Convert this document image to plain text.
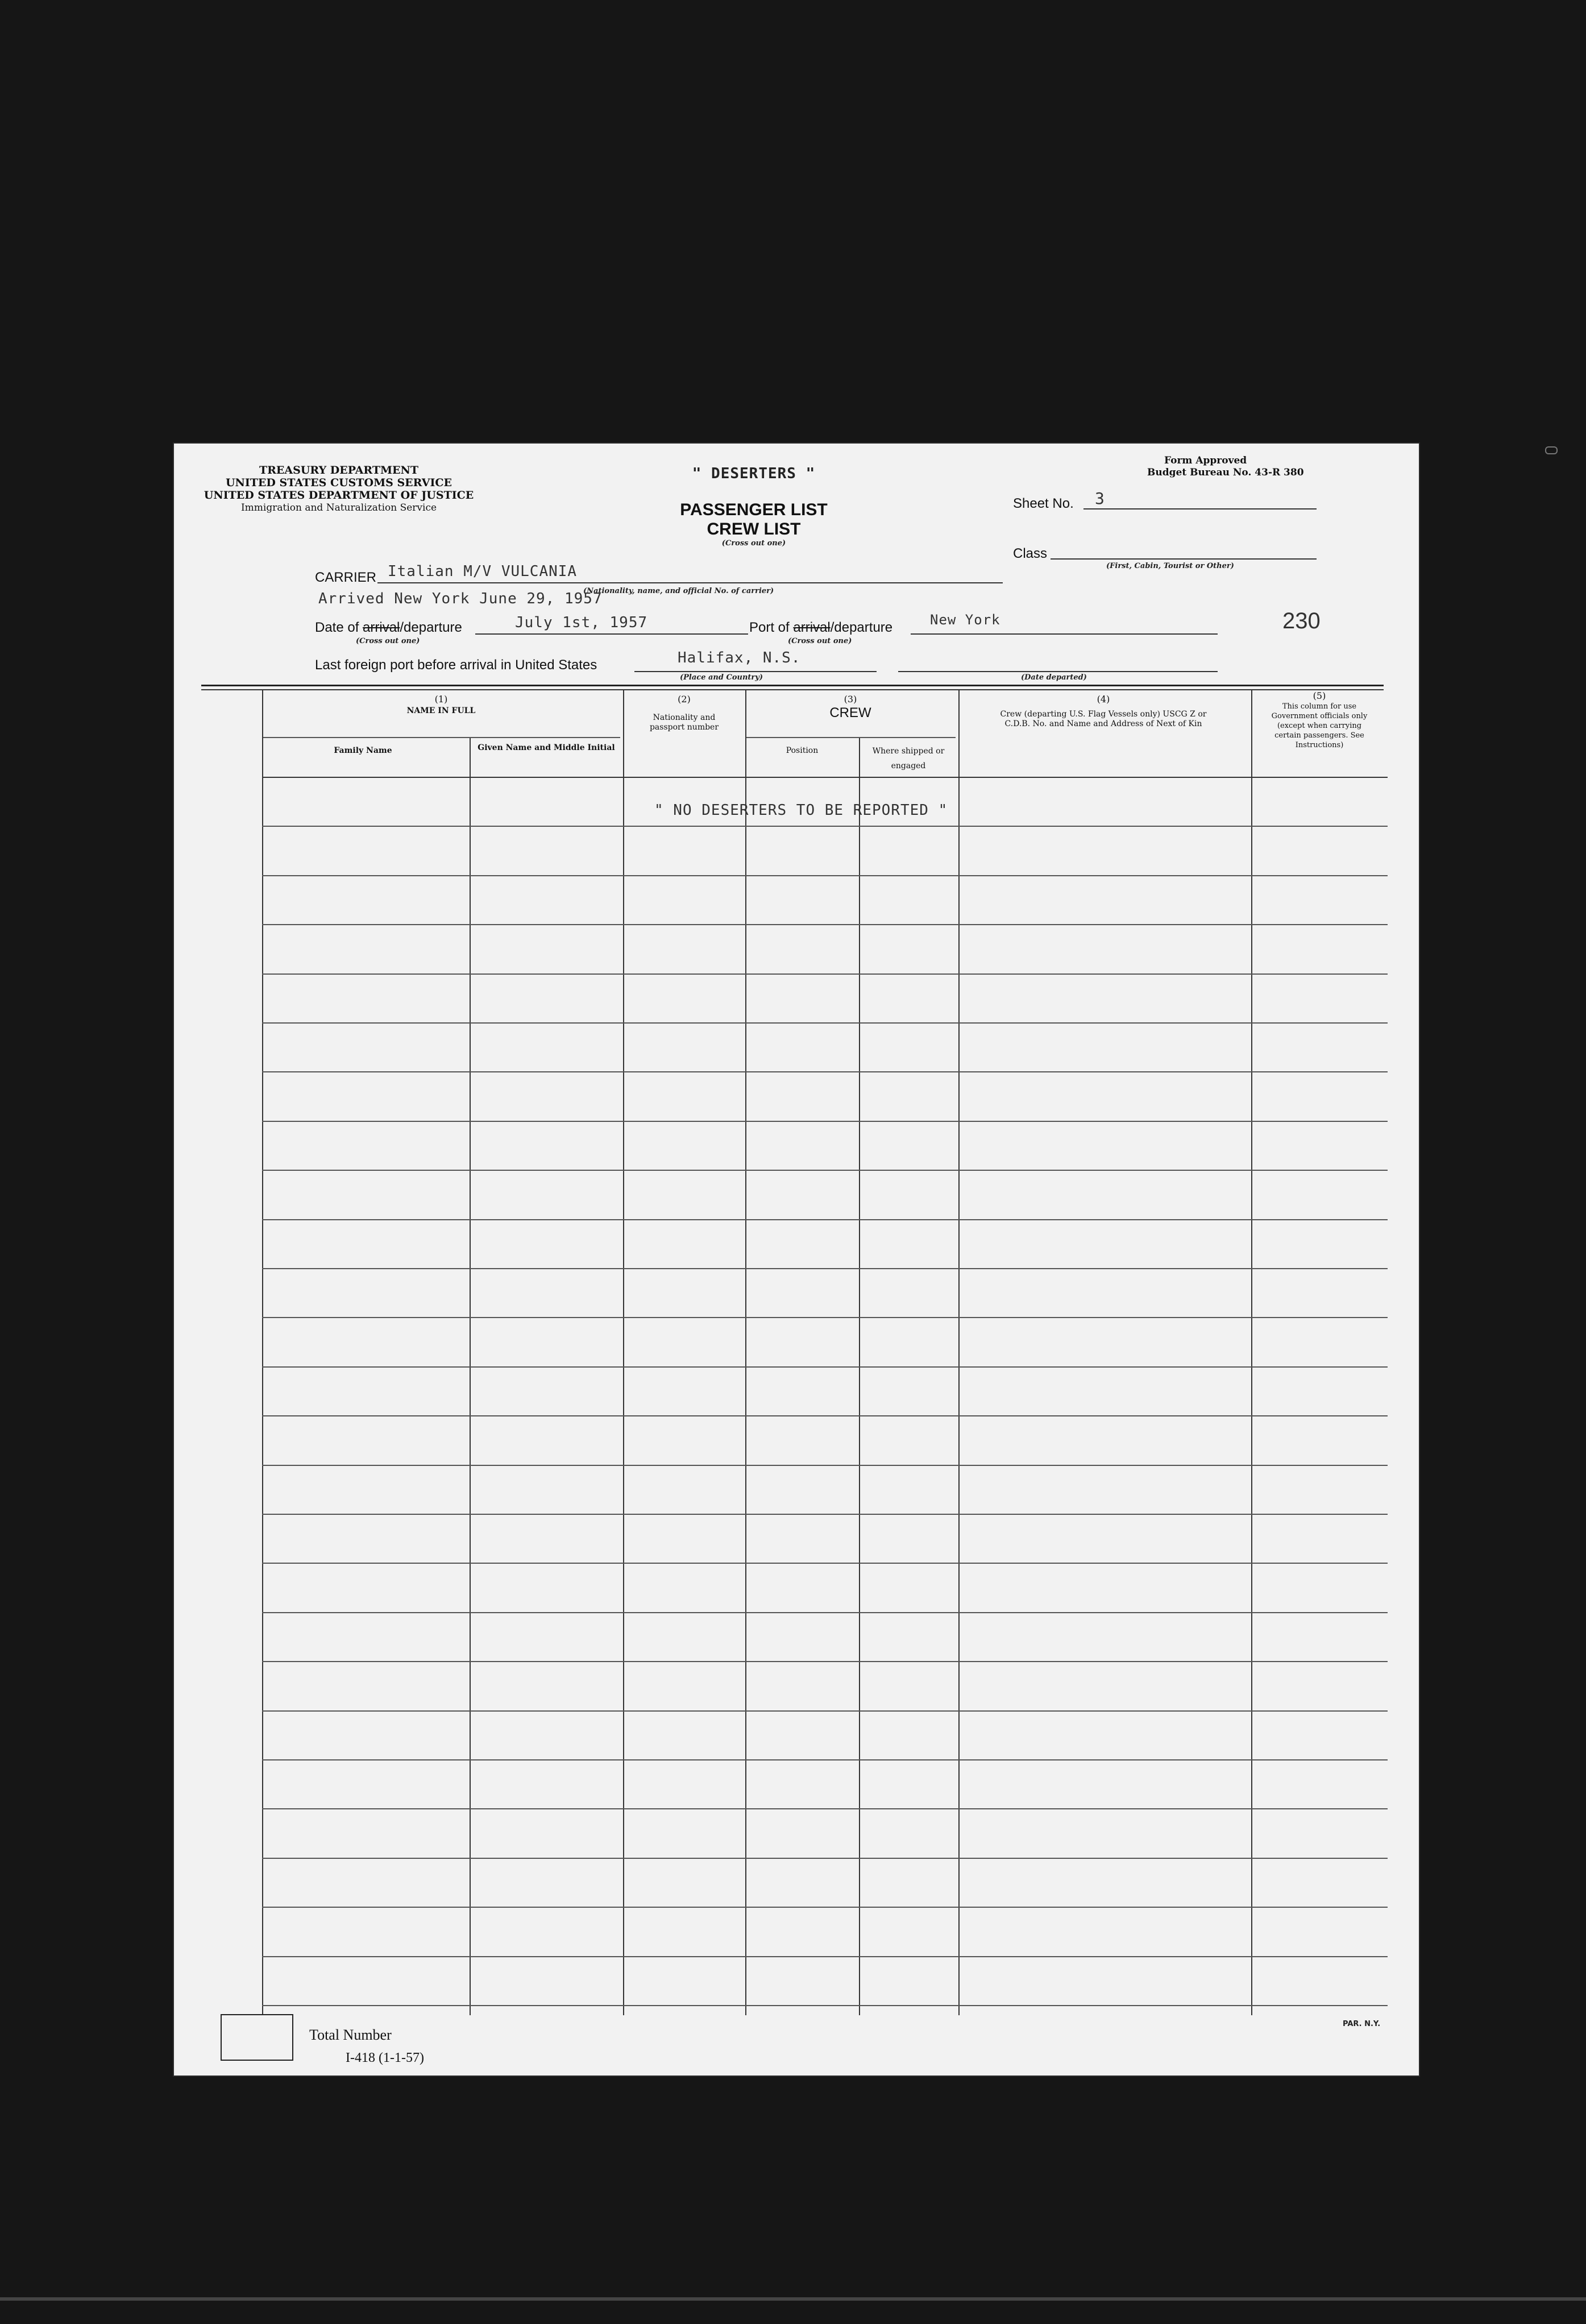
TREASURY DEPARTMENT
UNITED STATES CUSTOMS SERVICE
UNITED STATES DEPARTMENT OF JUSTICE
Immigration and Naturalization Service
" DESERTERS "
PASSENGER LIST
CREW LIST
(Cross out one)
Form Approved
Budget Bureau No. 43-R 380
Sheet No. 3
Class
(First, Cabin, Tourist or Other)
CARRIER Italian M/V VULCANIA
(Nationality, name, and official No. of carrier)
Arrived New York June 29, 1957
Date of arrival/departure	July 1st, 1957
(Cross out one)
Port of arrival/departure	New York
(Cross out one)
230
Last foreign port before arrival in United States	Halifax, N.S.
(Place and Country)	(Date departed)
(1)
NAME IN FULL
Family Name	Given Name and Middle Initial
(2)
Nationality and passport number
(3)
CREW
Position	Where shipped or engaged
(4)
Crew (departing U.S. Flag Vessels only) USCG Z or C.D.B. No. and Name and Address of Next of Kin
(5)
This column for use Government officials only (except when carrying certain passengers. See Instructions)
" NO DESERTERS TO BE REPORTED "
Total Number
I-418 (1-1-57)
PAR. N.Y.
